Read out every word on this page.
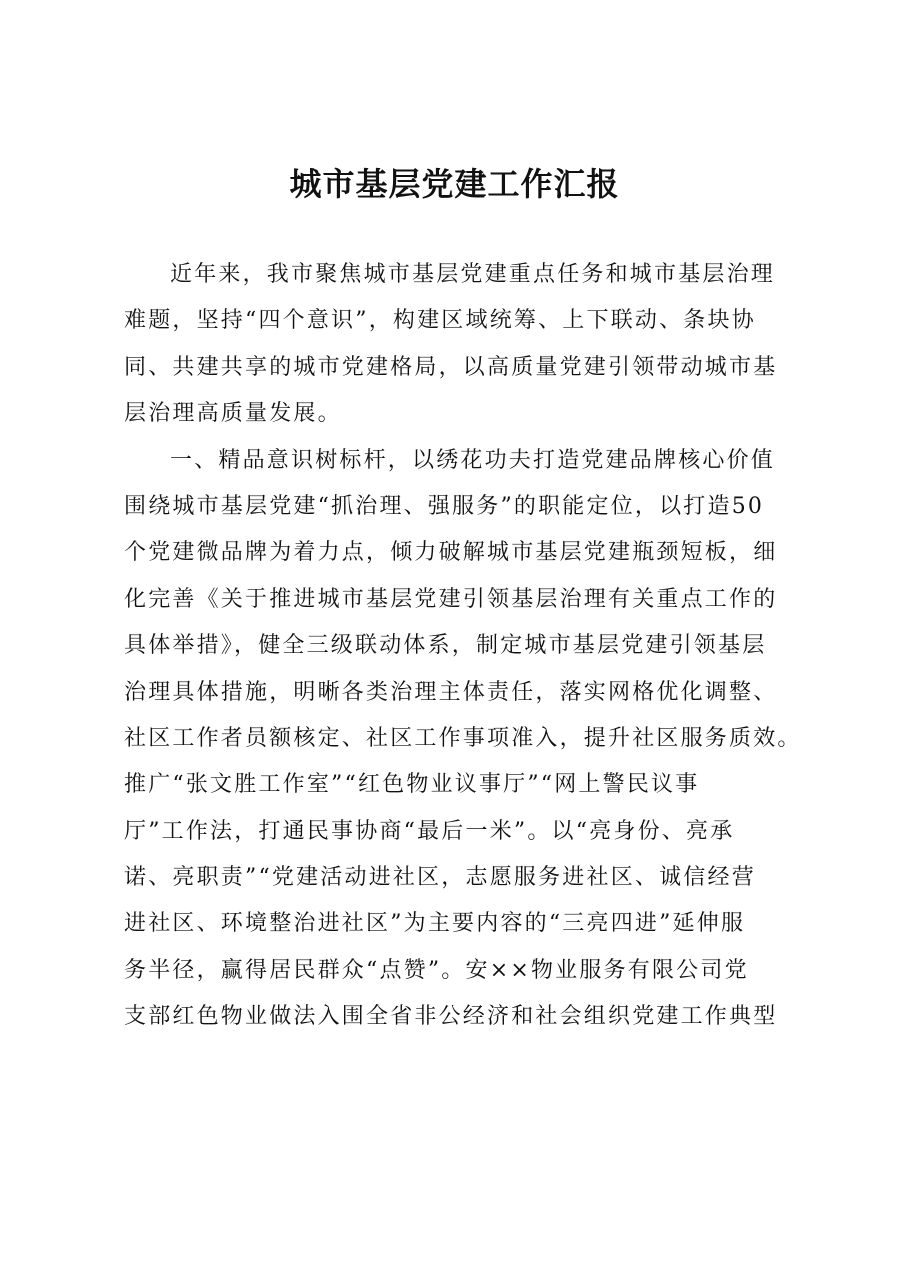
城市基层党建工作汇报

近年来，我市聚焦城市基层党建重点任务和城市基层治理

难题，坚持“四个意识”，构建区域统筹、上下联动、条块协

同、共建共享的城市党建格局，以高质量党建引领带动城市基

层治理高质量发展。

一、精品意识树标杆，以绣花功夫打造党建品牌核心价值

围绕城市基层党建“抓治理、强服务”的职能定位，以打造50

个党建微品牌为着力点，倾力破解城市基层党建瓶颈短板，细

化完善《关于推进城市基层党建引领基层治理有关重点工作的

具体举措》，健全三级联动体系，制定城市基层党建引领基层

治理具体措施，明晰各类治理主体责任，落实网格优化调整、

社区工作者员额核定、社区工作事项准入，提升社区服务质效。

推广“张文胜工作室”“红色物业议事厅”“网上警民议事

厅”工作法，打通民事协商“最后一米”。以“亮身份、亮承

诺、亮职责”“党建活动进社区，志愿服务进社区、诚信经营

进社区、环境整治进社区”为主要内容的“三亮四进”延伸服

务半径，赢得居民群众“点赞”。安××物业服务有限公司党

支部红色物业做法入围全省非公经济和社会组织党建工作典型
